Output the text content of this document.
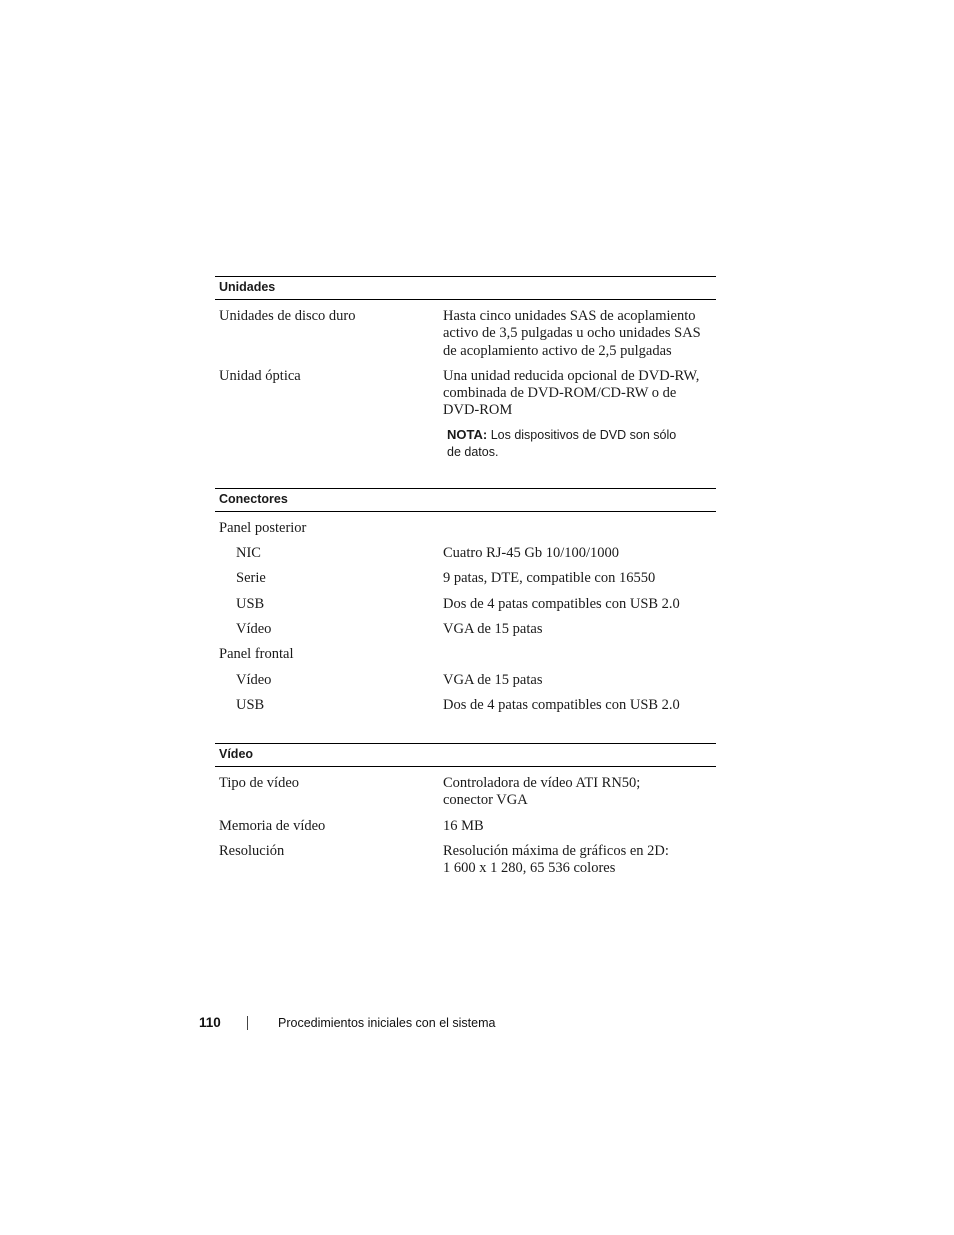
Unidades
Unidades de disco duro	Hasta cinco unidades SAS de acoplamiento
activo de 3,5 pulgadas u ocho unidades SAS
de acoplamiento activo de 2,5 pulgadas
Unidad óptica	Una unidad reducida opcional de DVD-RW,
combinada de DVD-ROM/CD-RW o de
DVD-ROM
NOTA: Los dispositivos de DVD son sólo
de datos.
Conectores
Panel posterior
NIC	Cuatro RJ-45 Gb 10/100/1000
Serie	9 patas, DTE, compatible con 16550
USB	Dos de 4 patas compatibles con USB 2.0
Vídeo	VGA de 15 patas
Panel frontal
Vídeo	VGA de 15 patas
USB	Dos de 4 patas compatibles con USB 2.0
Vídeo
Tipo de vídeo	Controladora de vídeo ATI RN50;
conector VGA
Memoria de vídeo	16 MB
Resolución	Resolución máxima de gráficos en 2D:
1 600 x 1 280, 65 536 colores
110	Procedimientos iniciales con el sistema
